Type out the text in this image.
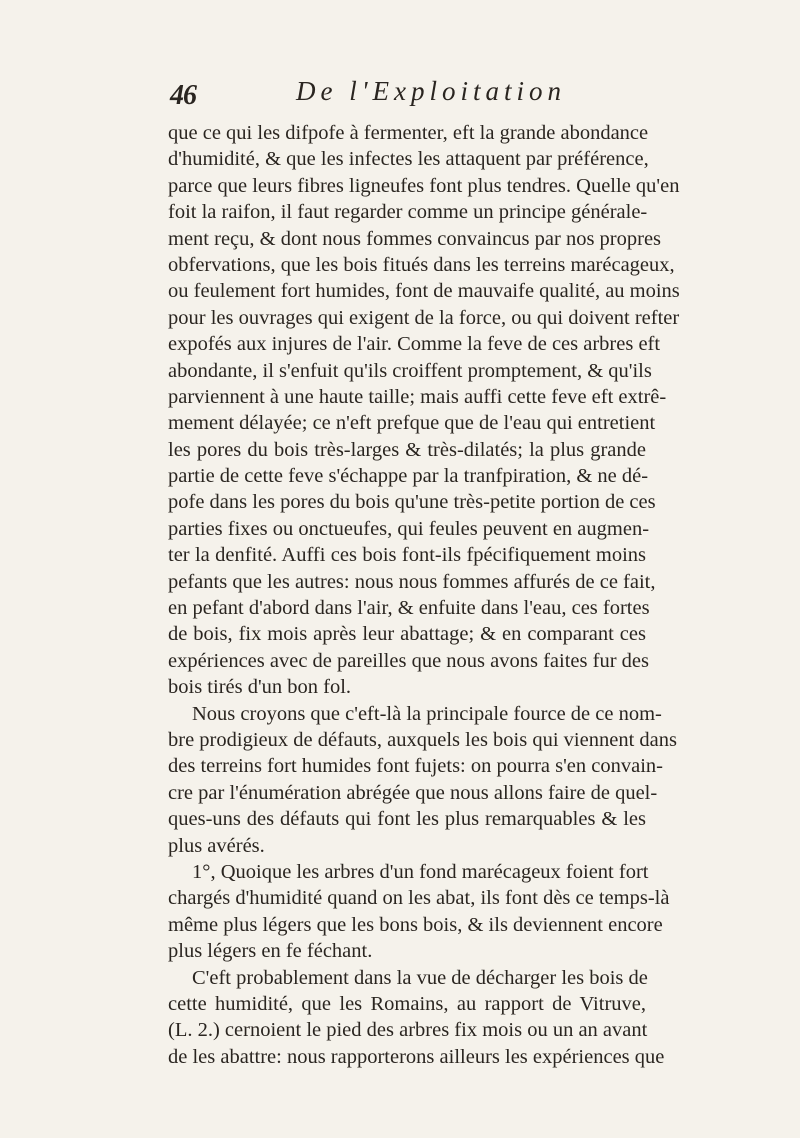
46	De l'Exploitation
que ce qui les difpofe à fermenter, eft la grande abondance
d'humidité, & que les infectes les attaquent par préférence,
parce que leurs fibres ligneufes font plus tendres. Quelle qu'en
foit la raifon, il faut regarder comme un principe générale-
ment reçu, & dont nous fommes convaincus par nos propres
obfervations, que les bois fitués dans les terreins marécageux,
ou feulement fort humides, font de mauvaife qualité, au moins
pour les ouvrages qui exigent de la force, ou qui doivent refter
expofés aux injures de l'air. Comme la feve de ces arbres eft
abondante, il s'enfuit qu'ils croiffent promptement, & qu'ils
parviennent à une haute taille; mais auffi cette feve eft extrê-
mement délayée; ce n'eft prefque que de l'eau qui entretient
les pores du bois très-larges & très-dilatés; la plus grande
partie de cette feve s'échappe par la tranfpiration, & ne dé-
pofe dans les pores du bois qu'une très-petite portion de ces
parties fixes ou onctueufes, qui feules peuvent en augmen-
ter la denfité. Auffi ces bois font-ils fpécifiquement moins
pefants que les autres: nous nous fommes affurés de ce fait,
en pefant d'abord dans l'air, & enfuite dans l'eau, ces fortes
de bois, fix mois après leur abattage; & en comparant ces
expériences avec de pareilles que nous avons faites fur des
bois tirés d'un bon fol.
Nous croyons que c'eft-là la principale fource de ce nom-
bre prodigieux de défauts, auxquels les bois qui viennent dans
des terreins fort humides font fujets: on pourra s'en convain-
cre par l'énumération abrégée que nous allons faire de quel-
ques-uns des défauts qui font les plus remarquables & les
plus avérés.
1°, Quoique les arbres d'un fond marécageux foient fort
chargés d'humidité quand on les abat, ils font dès ce temps-là
même plus légers que les bons bois, & ils deviennent encore
plus légers en fe féchant.
C'eft probablement dans la vue de décharger les bois de
cette humidité, que les Romains, au rapport de Vitruve,
(L. 2.) cernoient le pied des arbres fix mois ou un an avant
de les abattre: nous rapporterons ailleurs les expériences que
